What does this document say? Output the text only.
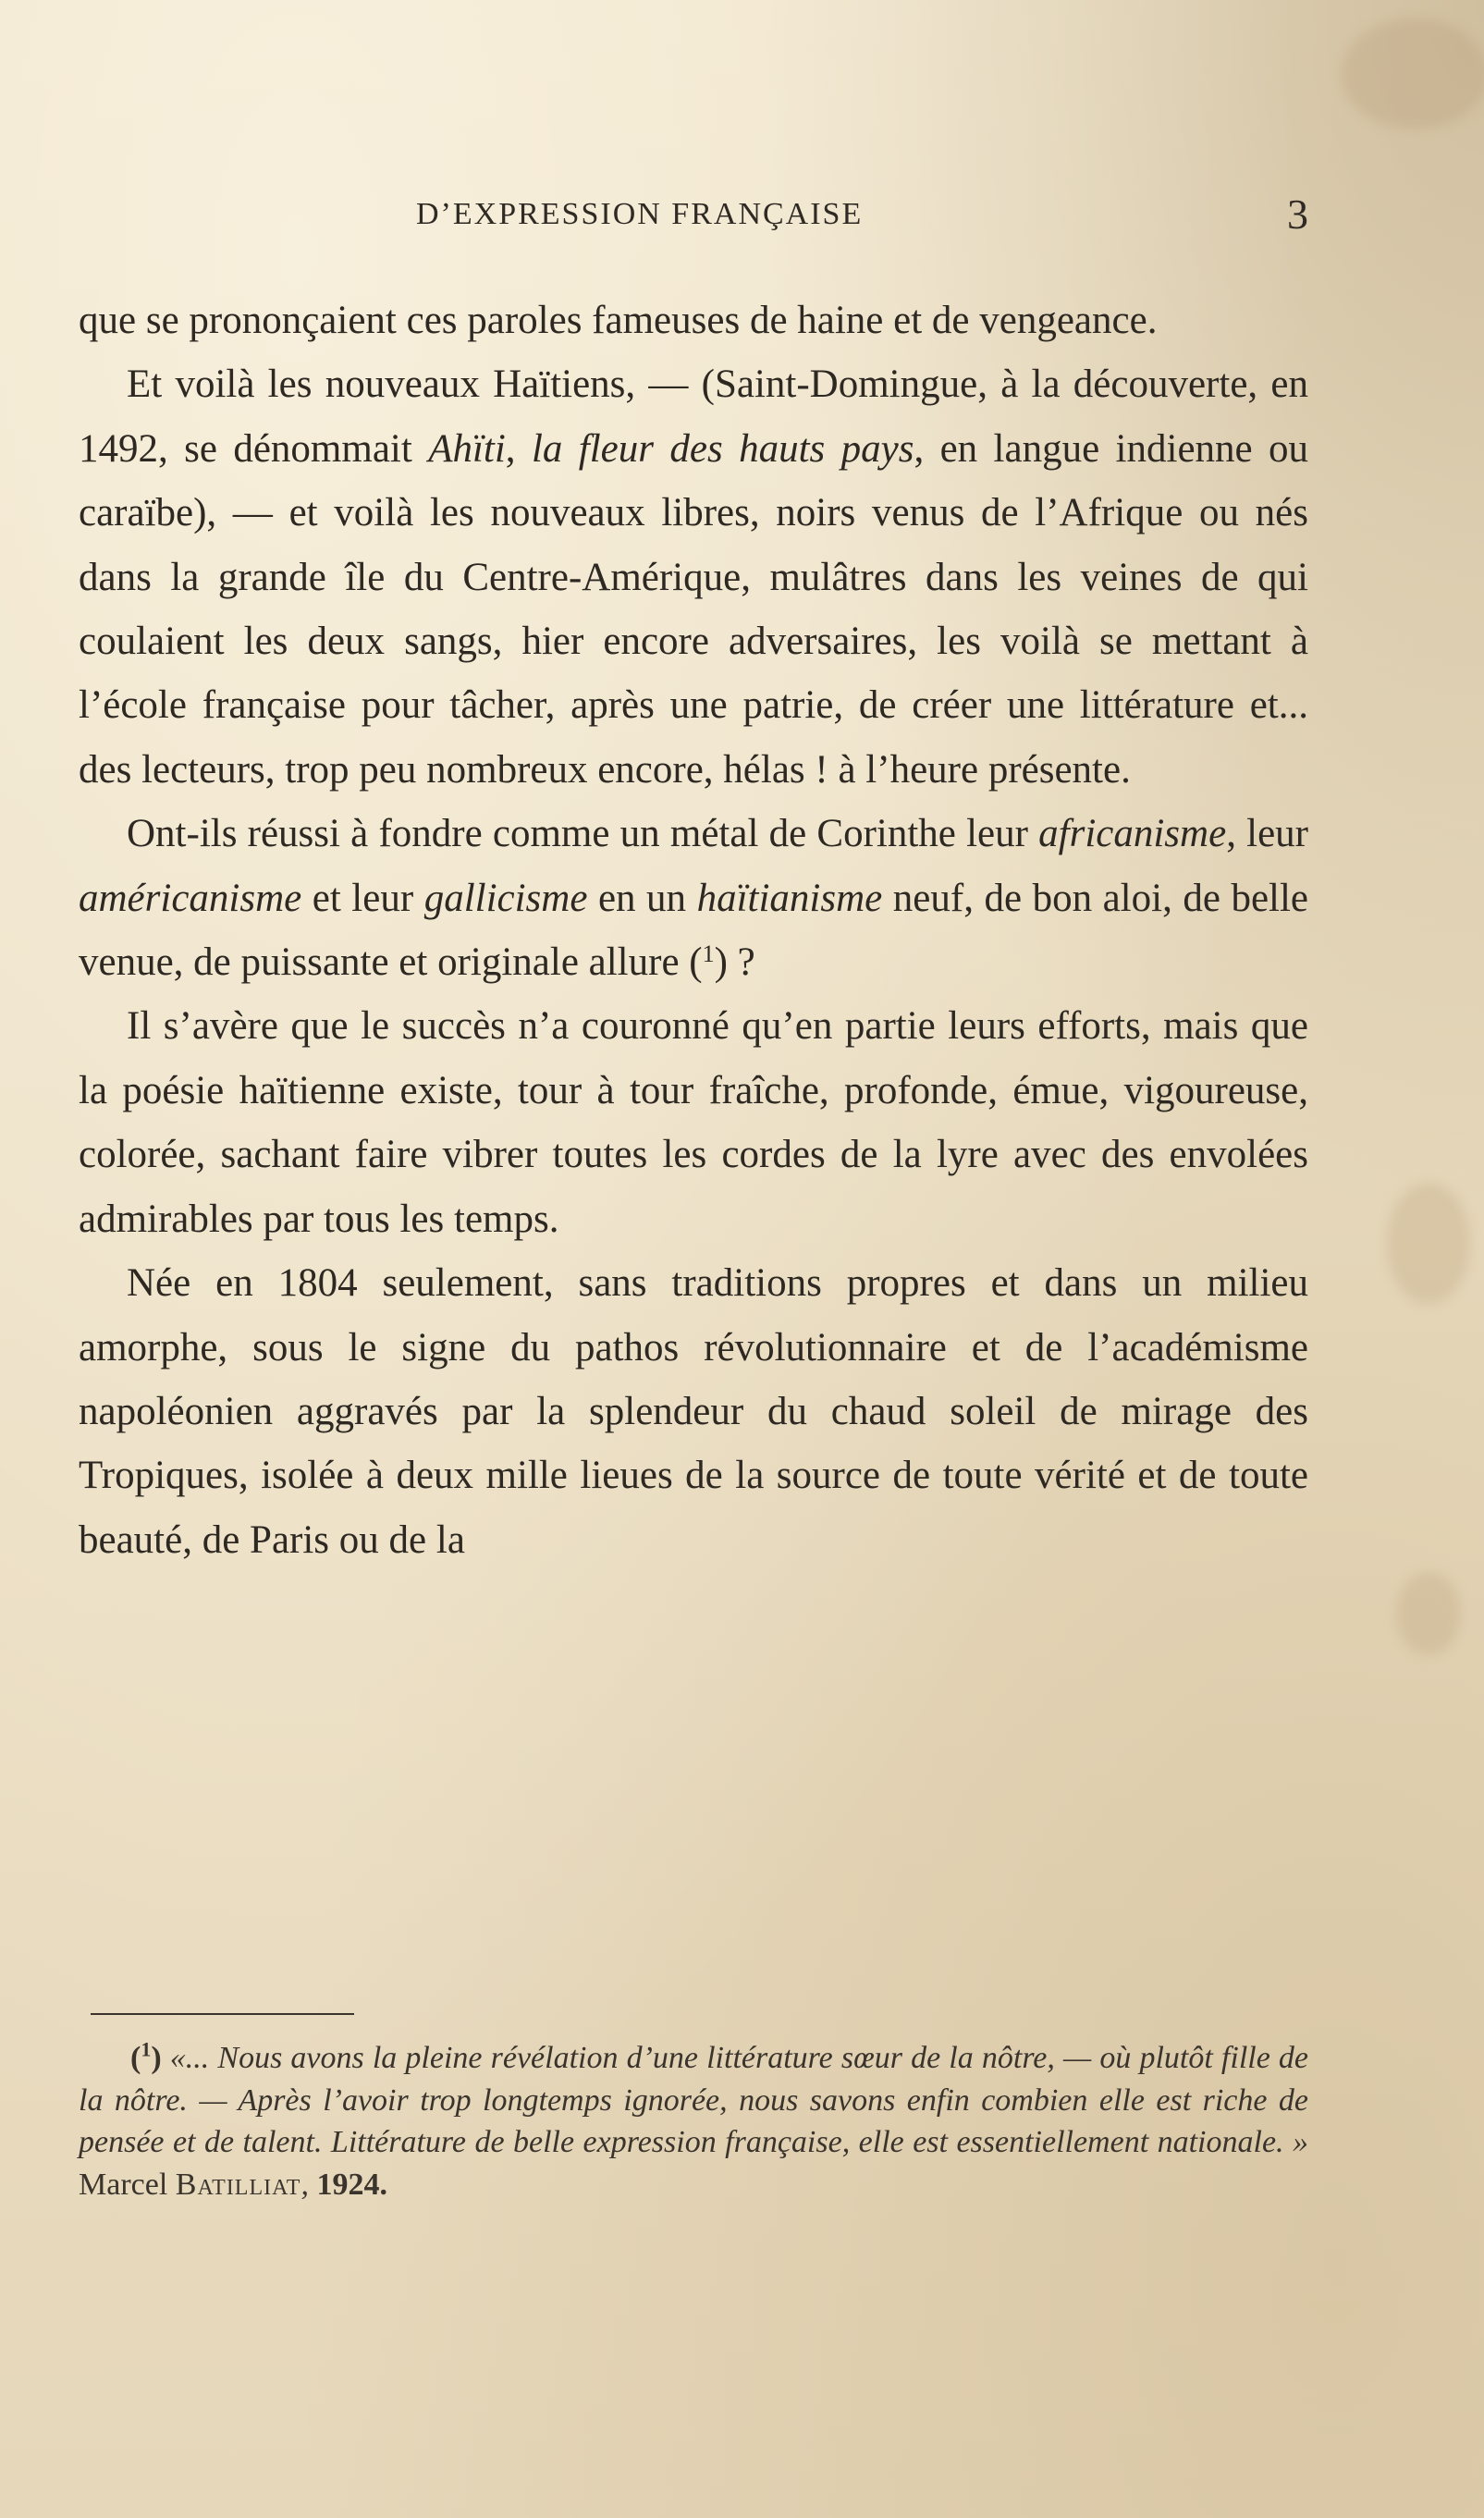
D’EXPRESSION FRANÇAISE	3

que se prononçaient ces paroles fameuses de haine et de vengeance.

Et voilà les nouveaux Haïtiens, — (Saint-Domingue, à la découverte, en 1492, se dénommait Ahïti, la fleur des hauts pays, en langue indienne ou caraïbe), — et voilà les nouveaux libres, noirs venus de l’Afrique ou nés dans la grande île du Centre-Amérique, mulâtres dans les veines de qui coulaient les deux sangs, hier encore adversaires, les voilà se mettant à l’école française pour tâcher, après une patrie, de créer une littérature et... des lecteurs, trop peu nombreux encore, hélas ! à l’heure présente.

Ont-ils réussi à fondre comme un métal de Corinthe leur africanisme, leur américanisme et leur gallicisme en un haïtianisme neuf, de bon aloi, de belle venue, de puissante et originale allure ($^1$) ?

Il s’avère que le succès n’a couronné qu’en partie leurs efforts, mais que la poésie haïtienne existe, tour à tour fraîche, profonde, émue, vigoureuse, colorée, sachant faire vibrer toutes les cordes de la lyre avec des envolées admirables par tous les temps.

Née en 1804 seulement, sans traditions propres et dans un milieu amorphe, sous le signe du pathos révolutionnaire et de l’académisme napoléonien aggravés par la splendeur du chaud soleil de mirage des Tropiques, isolée à deux mille lieues de la source de toute vérité et de toute beauté, de Paris ou de la

($^1$) «... Nous avons la pleine révélation d’une littérature sœur de la nôtre, — où plutôt fille de la nôtre. — Après l’avoir trop longtemps ignorée, nous savons enfin combien elle est riche de pensée et de talent. Littérature de belle expression française, elle est essentiellement nationale. » Marcel Batilliat, 1924.
